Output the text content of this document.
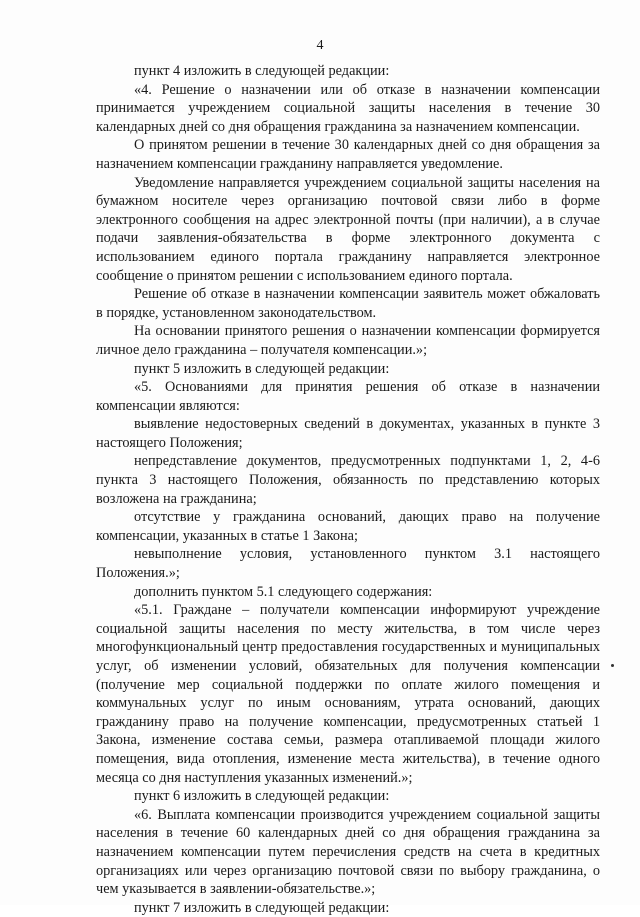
4

пункт 4 изложить в следующей редакции:

«4. Решение о назначении или об отказе в назначении компенсации принимается учреждением социальной защиты населения в течение 30 календарных дней со дня обращения гражданина за назначением компенсации.

О принятом решении в течение 30 календарных дней со дня обращения за назначением компенсации гражданину направляется уведомление.

Уведомление направляется учреждением социальной защиты населения на бумажном носителе через организацию почтовой связи либо в форме электронного сообщения на адрес электронной почты (при наличии), а в случае подачи заявления-обязательства в форме электронного документа с использованием единого портала гражданину направляется электронное сообщение о принятом решении с использованием единого портала.

Решение об отказе в назначении компенсации заявитель может обжаловать в порядке, установленном законодательством.

На основании принятого решения о назначении компенсации формируется личное дело гражданина – получателя компенсации.»;

пункт 5 изложить в следующей редакции:

«5. Основаниями для принятия решения об отказе в назначении компенсации являются:

выявление недостоверных сведений в документах, указанных в пункте 3 настоящего Положения;

непредставление документов, предусмотренных подпунктами 1, 2, 4-6 пункта 3 настоящего Положения, обязанность по представлению которых возложена на гражданина;

отсутствие у гражданина оснований, дающих право на получение компенсации, указанных в статье 1 Закона;

невыполнение условия, установленного пунктом 3.1 настоящего Положения.»;

дополнить пунктом 5.1 следующего содержания:

«5.1. Граждане – получатели компенсации информируют учреждение социальной защиты населения по месту жительства, в том числе через многофункциональный центр предоставления государственных и муниципальных услуг, об изменении условий, обязательных для получения компенсации (получение мер социальной поддержки по оплате жилого помещения и коммунальных услуг по иным основаниям, утрата оснований, дающих гражданину право на получение компенсации, предусмотренных статьей 1 Закона, изменение состава семьи, размера отапливаемой площади жилого помещения, вида отопления, изменение места жительства), в течение одного месяца со дня наступления указанных изменений.»;

пункт 6 изложить в следующей редакции:

«6. Выплата компенсации производится учреждением социальной защиты населения в течение 60 календарных дней со дня обращения гражданина за назначением компенсации путем перечисления средств на счета в кредитных организациях или через организацию почтовой связи по выбору гражданина, о чем указывается в заявлении-обязательстве.»;

пункт 7 изложить в следующей редакции:
